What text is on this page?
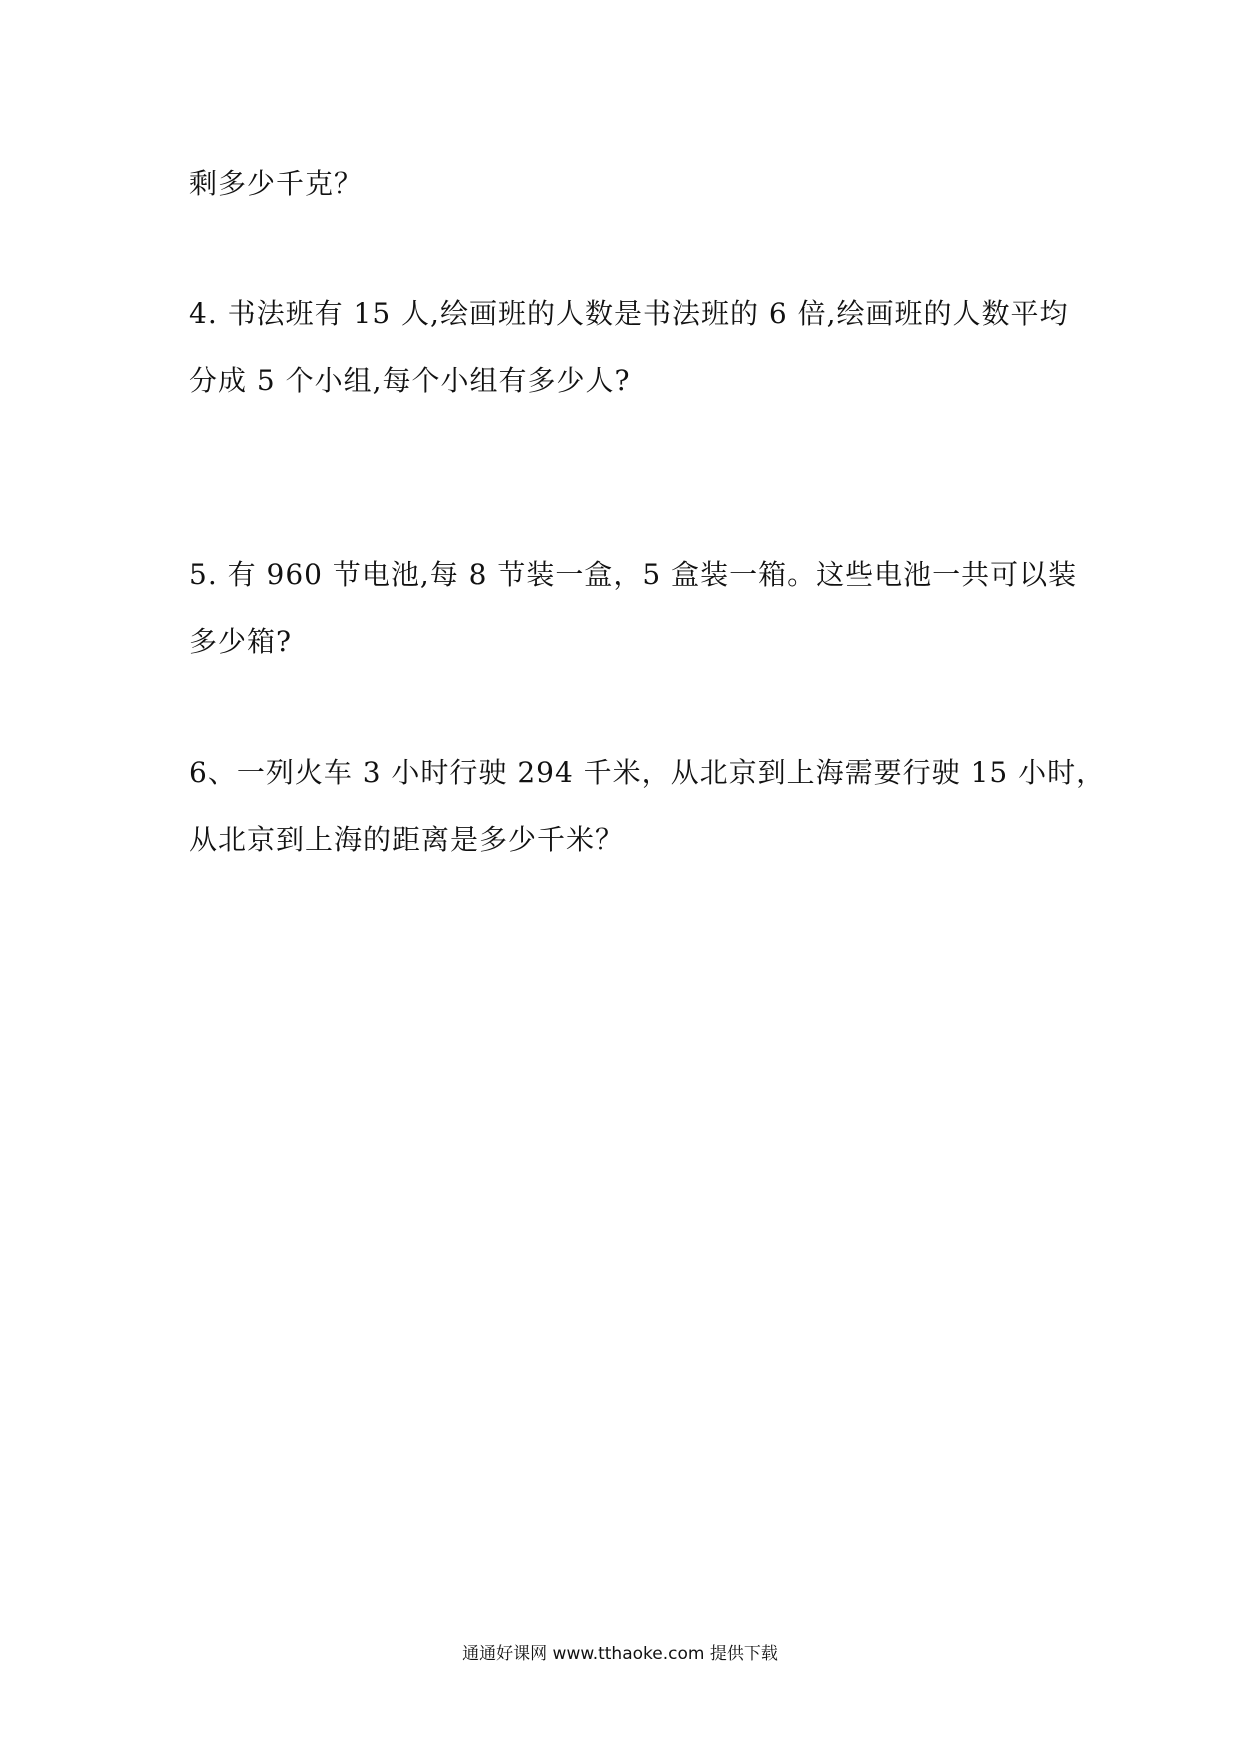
剩多少千克？
4. 书法班有 15 人,绘画班的人数是书法班的 6 倍,绘画班的人数平均
分成 5 个小组,每个小组有多少人?
5. 有 960 节电池,每 8 节装一盒，5 盒装一箱。这些电池一共可以装
多少箱?
6、一列火车 3 小时行驶 294 千米，从北京到上海需要行驶 15 小时，
从北京到上海的距离是多少千米？
通通好课网 www.tthaoke.com 提供下载
